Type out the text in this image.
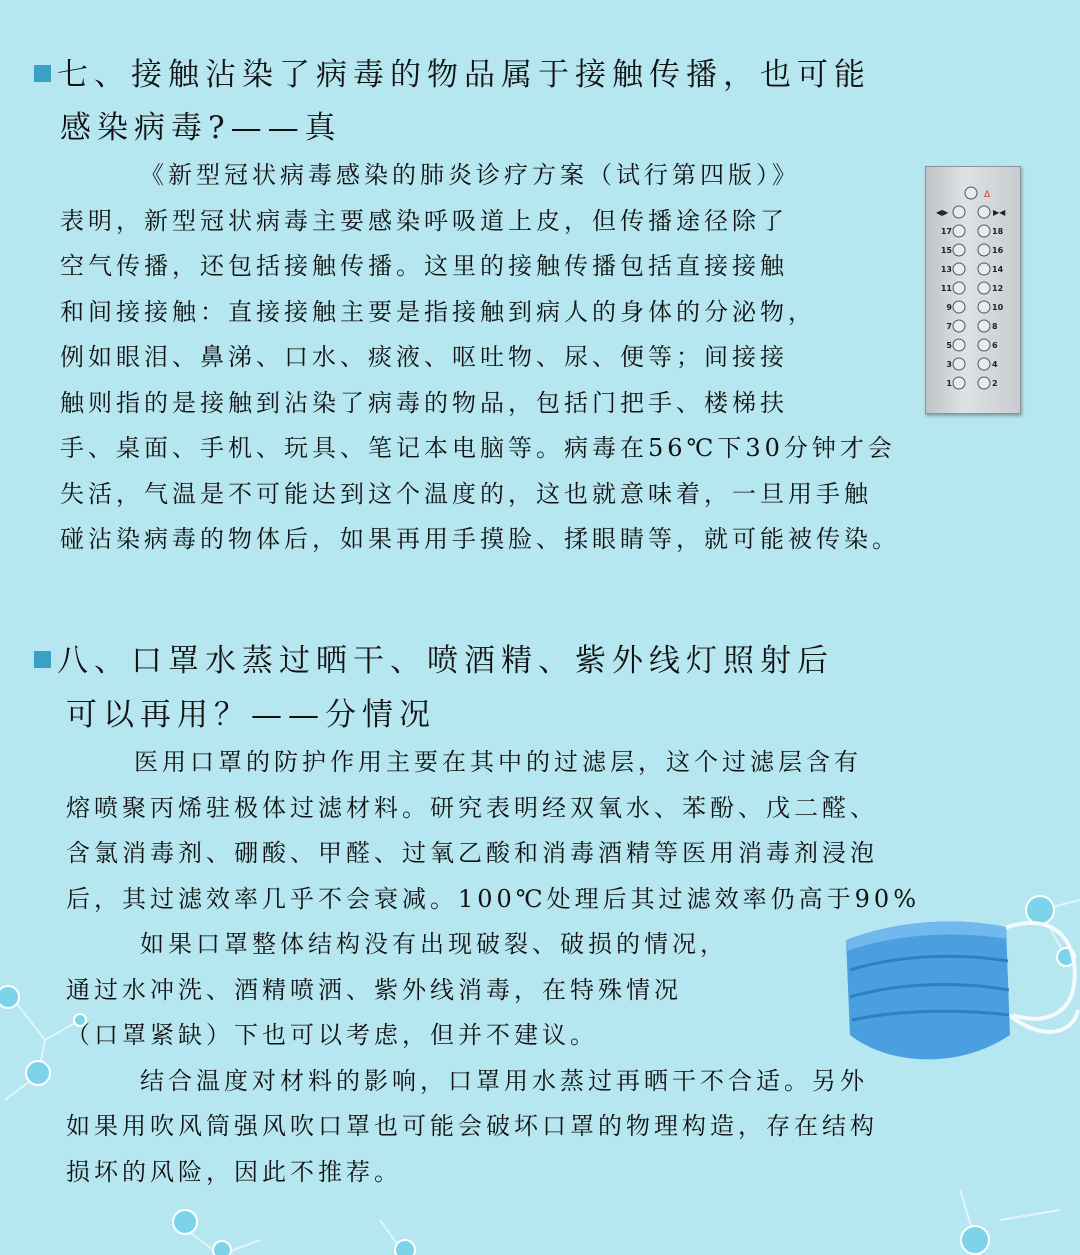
七、接触沾染了病毒的物品属于接触传播，也可能
感染病毒?——真
《新型冠状病毒感染的肺炎诊疗方案（试行第四版）》
表明，新型冠状病毒主要感染呼吸道上皮，但传播途径除了
空气传播，还包括接触传播。这里的接触传播包括直接接触
和间接接触：直接接触主要是指接触到病人的身体的分泌物，
例如眼泪、鼻涕、口水、痰液、呕吐物、尿、便等；间接接
触则指的是接触到沾染了病毒的物品，包括门把手、楼梯扶
手、桌面、手机、玩具、笔记本电脑等。病毒在56℃下30分钟才会
失活，气温是不可能达到这个温度的，这也就意味着，一旦用手触
碰沾染病毒的物体后，如果再用手摸脸、揉眼睛等，就可能被传染。
Δ
◀▶	▶◀
17	18
15	16
13	14
11	12
9	10
7	8
5	6
3	4
1	2
八、口罩水蒸过晒干、喷酒精、紫外线灯照射后
可以再用？——分情况
医用口罩的防护作用主要在其中的过滤层，这个过滤层含有
熔喷聚丙烯驻极体过滤材料。研究表明经双氧水、苯酚、戊二醛、
含氯消毒剂、硼酸、甲醛、过氧乙酸和消毒酒精等医用消毒剂浸泡
后，其过滤效率几乎不会衰减。100℃处理后其过滤效率仍高于90%
如果口罩整体结构没有出现破裂、破损的情况，
通过水冲洗、酒精喷洒、紫外线消毒，在特殊情况
（口罩紧缺）下也可以考虑，但并不建议。
结合温度对材料的影响，口罩用水蒸过再晒干不合适。另外
如果用吹风筒强风吹口罩也可能会破坏口罩的物理构造，存在结构
损坏的风险，因此不推荐。
